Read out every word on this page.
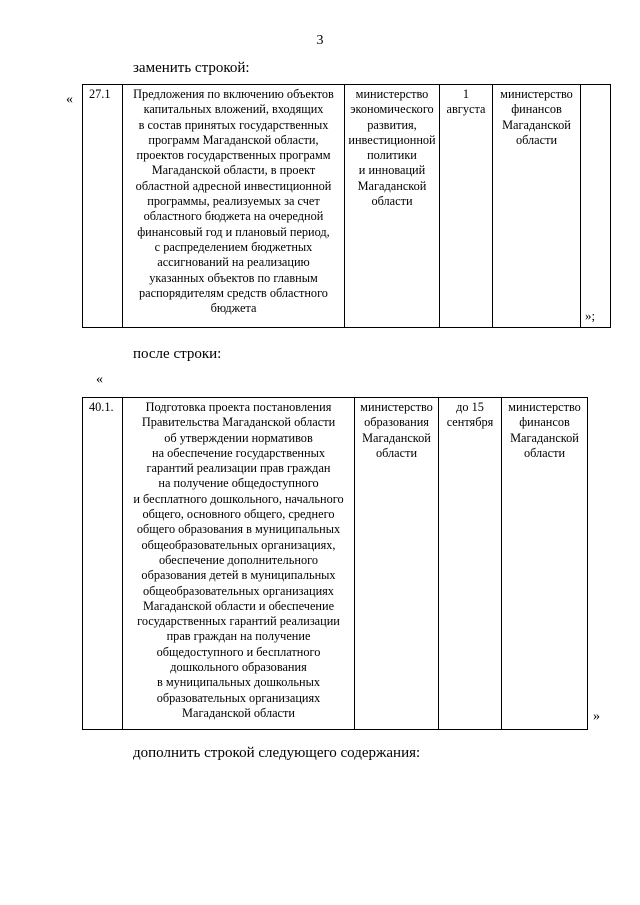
3
заменить строкой:
« 27.1	Предложения по включению объектов
капитальных вложений, входящих
в состав принятых государственных
программ Магаданской области,
проектов государственных программ
Магаданской области, в проект
областной адресной инвестиционной
программы, реализуемых за счет
областного бюджета на очередной
финансовый год и плановый период,
с распределением бюджетных
ассигнований на реализацию
указанных объектов по главным
распорядителям средств областного
бюджета	министерство
экономического
развития,
инвестиционной
политики
и инноваций
Магаданской
области	1
августа	министерство
финансов
Магаданской
области	»;
после строки:
«
40.1.	Подготовка проекта постановления
Правительства Магаданской области
об утверждении нормативов
на обеспечение государственных
гарантий реализации прав граждан
на получение общедоступного
и бесплатного дошкольного, начального
общего, основного общего, среднего
общего образования в муниципальных
общеобразовательных организациях,
обеспечение дополнительного
образования детей в муниципальных
общеобразовательных организациях
Магаданской области и обеспечение
государственных гарантий реализации
прав граждан на получение
общедоступного и бесплатного
дошкольного образования
в муниципальных дошкольных
образовательных организациях
Магаданской области	министерство
образования
Магаданской
области	до 15
сентября	министерство
финансов
Магаданской
области
»
дополнить строкой следующего содержания:
